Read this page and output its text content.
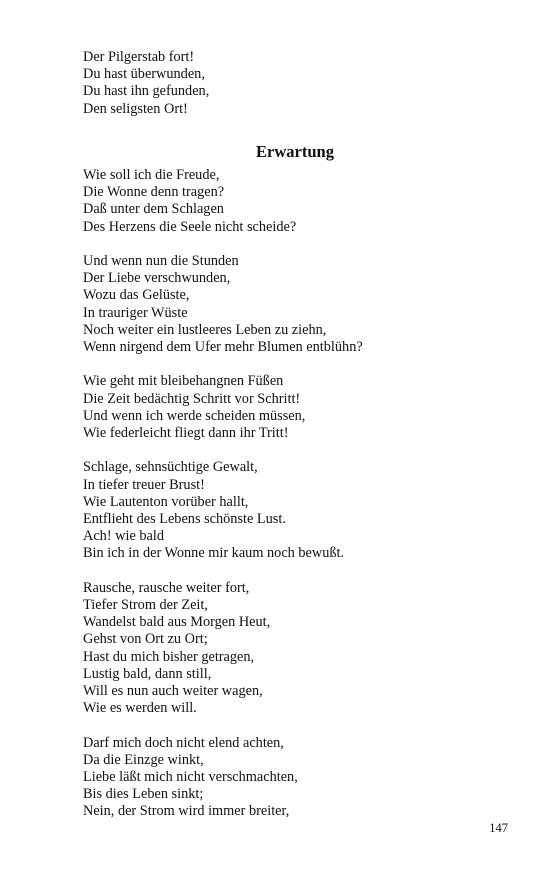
Der Pilgerstab fort!

Du hast überwunden,

Du hast ihn gefunden,

Den seligsten Ort!

Erwartung

Wie soll ich die Freude,

Die Wonne denn tragen?

Daß unter dem Schlagen

Des Herzens die Seele nicht scheide?

Und wenn nun die Stunden

Der Liebe verschwunden,

Wozu das Gelüste,

In trauriger Wüste

Noch weiter ein lustleeres Leben zu ziehn,

Wenn nirgend dem Ufer mehr Blumen entblühn?

Wie geht mit bleibehangnen Füßen

Die Zeit bedächtig Schritt vor Schritt!

Und wenn ich werde scheiden müssen,

Wie federleicht fliegt dann ihr Tritt!

Schlage, sehnsüchtige Gewalt,

In tiefer treuer Brust!

Wie Lautenton vorüber hallt,

Entflieht des Lebens schönste Lust.

Ach! wie bald

Bin ich in der Wonne mir kaum noch bewußt.

Rausche, rausche weiter fort,

Tiefer Strom der Zeit,

Wandelst bald aus Morgen Heut,

Gehst von Ort zu Ort;

Hast du mich bisher getragen,

Lustig bald, dann still,

Will es nun auch weiter wagen,

Wie es werden will.

Darf mich doch nicht elend achten,

Da die Einzge winkt,

Liebe läßt mich nicht verschmachten,

Bis dies Leben sinkt;

Nein, der Strom wird immer breiter,

147
